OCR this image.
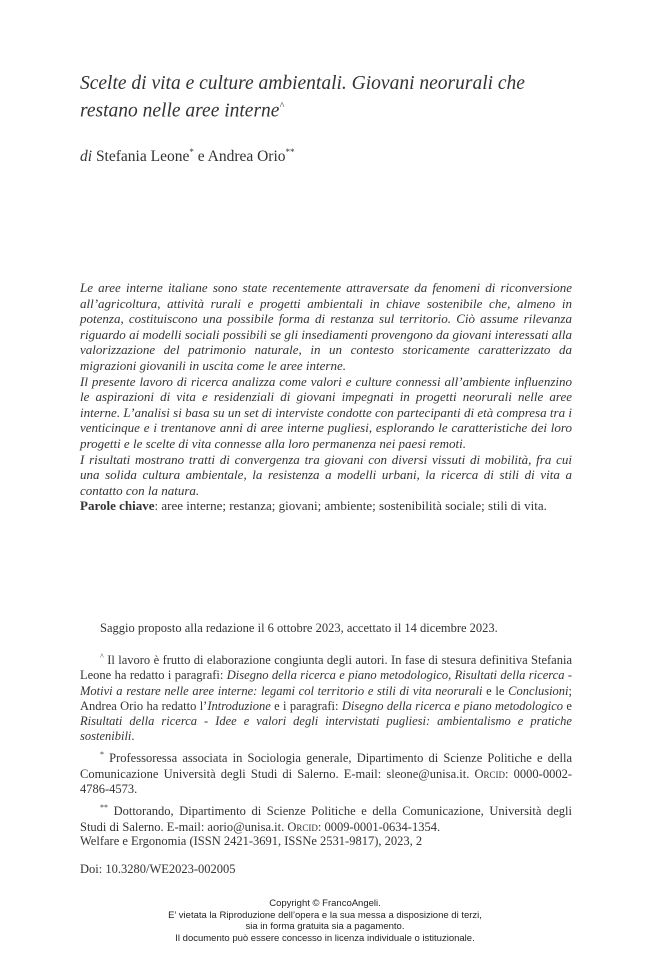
Scelte di vita e culture ambientali. Giovani neorurali che restano nelle aree interne^
di Stefania Leone* e Andrea Orio**

Le aree interne italiane sono state recentemente attraversate da fenomeni di riconversione all’agricoltura, attività rurali e progetti ambientali in chiave sostenibile che, almeno in potenza, costituiscono una possibile forma di restanza sul territorio. Ciò assume rilevanza riguardo ai modelli sociali possibili se gli insediamenti provengono da giovani interessati alla valorizzazione del patrimonio naturale, in un contesto storicamente caratterizzato da migrazioni giovanili in uscita come le aree interne.

Il presente lavoro di ricerca analizza come valori e culture connessi all’ambiente influenzino le aspirazioni di vita e residenziali di giovani impegnati in progetti neorurali nelle aree interne. L’analisi si basa su un set di interviste condotte con partecipanti di età compresa tra i venticinque e i trentanove anni di aree interne pugliesi, esplorando le caratteristiche dei loro progetti e le scelte di vita connesse alla loro permanenza nei paesi remoti.

I risultati mostrano tratti di convergenza tra giovani con diversi vissuti di mobilità, fra cui una solida cultura ambientale, la resistenza a modelli urbani, la ricerca di stili di vita a contatto con la natura.

Parole chiave: aree interne; restanza; giovani; ambiente; sostenibilità sociale; stili di vita.

Saggio proposto alla redazione il 6 ottobre 2023, accettato il 14 dicembre 2023.

^ Il lavoro è frutto di elaborazione congiunta degli autori. In fase di stesura definitiva Stefania Leone ha redatto i paragrafi: Disegno della ricerca e piano metodologico, Risultati della ricerca - Motivi a restare nelle aree interne: legami col territorio e stili di vita neorurali e le Conclusioni; Andrea Orio ha redatto l’Introduzione e i paragrafi: Disegno della ricerca e piano metodologico e Risultati della ricerca - Idee e valori degli intervistati pugliesi: ambientalismo e pratiche sostenibili.

* Professoressa associata in Sociologia generale, Dipartimento di Scienze Politiche e della Comunicazione Università degli Studi di Salerno. E-mail: sleone@unisa.it. Orcid: 0000-0002-4786-4573.

** Dottorando, Dipartimento di Scienze Politiche e della Comunicazione, Università degli Studi di Salerno. E-mail: aorio@unisa.it. Orcid: 0009-0001-0634-1354.

Welfare e Ergonomia (ISSN 2421-3691, ISSNe 2531-9817), 2023, 2
Doi: 10.3280/WE2023-002005
Copyright © FrancoAngeli.
E’ vietata la Riproduzione dell’opera e la sua messa a disposizione di terzi,
sia in forma gratuita sia a pagamento.
Il documento può essere concesso in licenza individuale o istituzionale.
